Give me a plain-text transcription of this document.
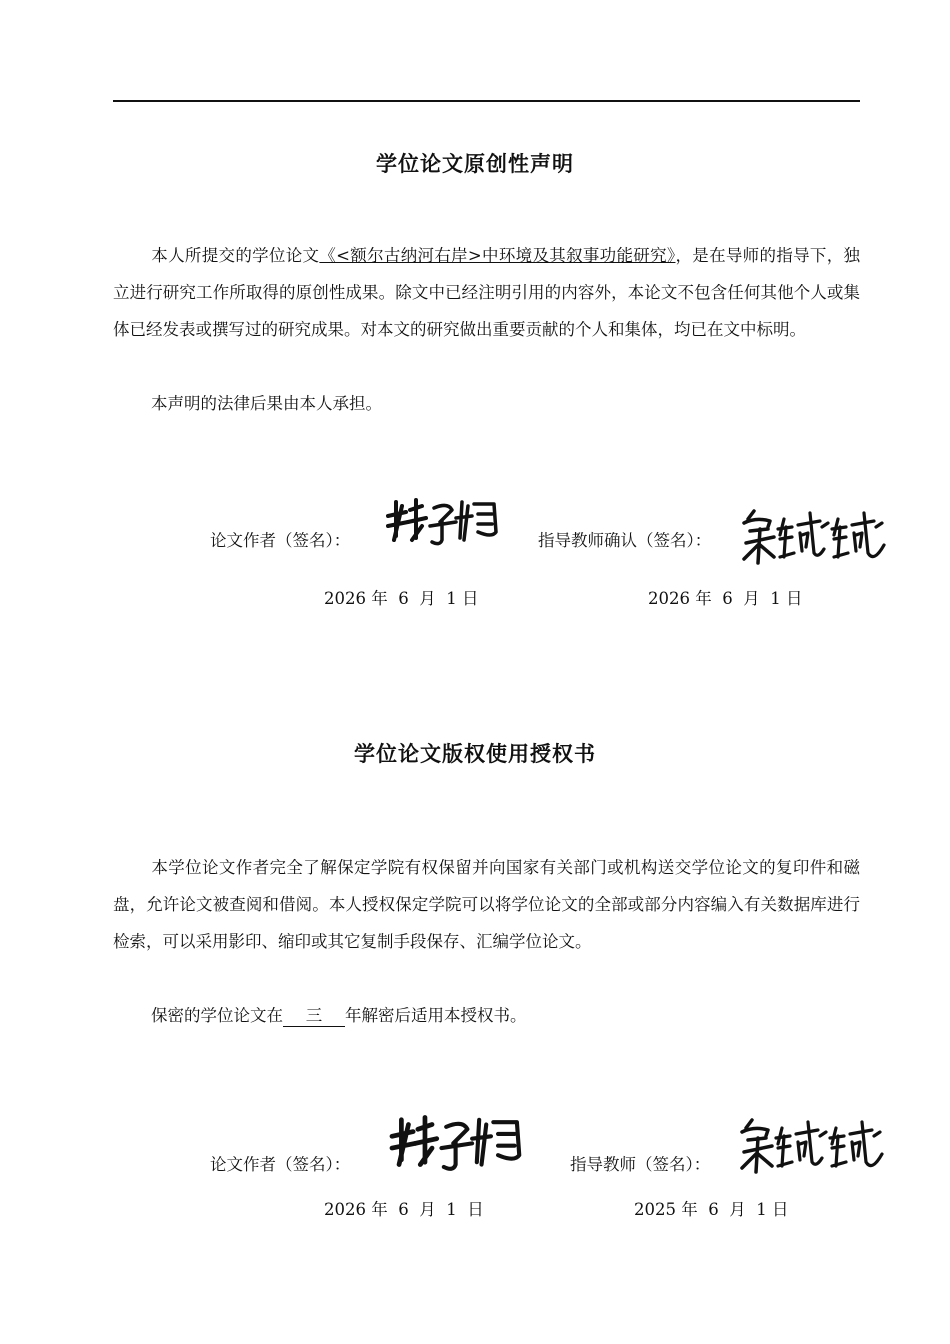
学位论文原创性声明
本人所提交的学位论文《<额尔古纳河右岸>中环境及其叙事功能研究》，是在导师的指导下，独立进行研究工作所取得的原创性成果。除文中已经注明引用的内容外，本论文不包含任何其他个人或集体已经发表或撰写过的研究成果。对本文的研究做出重要贡献的个人和集体，均已在文中标明。
本声明的法律后果由本人承担。
论文作者（签名）：	指导教师确认（签名）：
2026 年  6  月  1 日	2026 年  6  月  1 日
学位论文版权使用授权书
本学位论文作者完全了解保定学院有权保留并向国家有关部门或机构送交学位论文的复印件和磁盘，允许论文被查阅和借阅。本人授权保定学院可以将学位论文的全部或部分内容编入有关数据库进行检索，可以采用影印、缩印或其它复制手段保存、汇编学位论文。
保密的学位论文在 三 年解密后适用本授权书。
论文作者（签名）：	指导教师（签名）：
2026 年  6  月  1  日	2025 年  6  月  1 日
